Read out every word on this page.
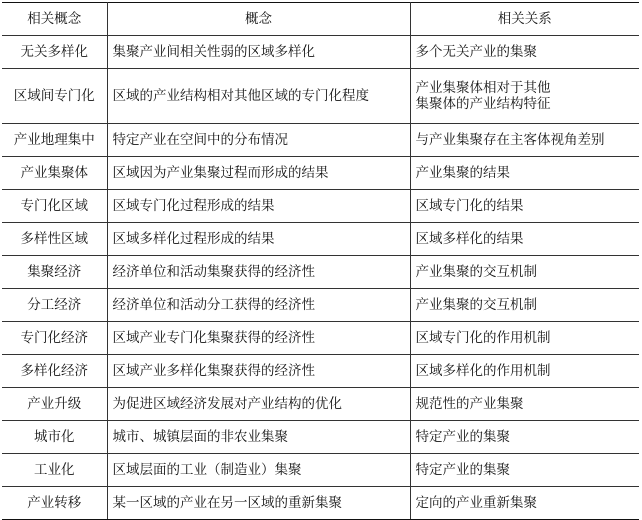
相关概念	概念	相关关系
无关多样化	集聚产业间相关性弱的区域多样化	多个无关产业的集聚
区域间专门化	区域的产业结构相对其他区域的专门化程度	产业集聚体相对于其他
集聚体的产业结构特征
产业地理集中	特定产业在空间中的分布情况	与产业集聚存在主客体视角差别
产业集聚体	区域因为产业集聚过程而形成的结果	产业集聚的结果
专门化区域	区域专门化过程形成的结果	区域专门化的结果
多样性区域	区域多样化过程形成的结果	区域多样化的结果
集聚经济	经济单位和活动集聚获得的经济性	产业集聚的交互机制
分工经济	经济单位和活动分工获得的经济性	产业集聚的交互机制
专门化经济	区域产业专门化集聚获得的经济性	区域专门化的作用机制
多样化经济	区域产业多样化集聚获得的经济性	区域多样化的作用机制
产业升级	为促进区域经济发展对产业结构的优化	规范性的产业集聚
城市化	城市、城镇层面的非农业集聚	特定产业的集聚
工业化	区域层面的工业（制造业）集聚	特定产业的集聚
产业转移	某一区域的产业在另一区域的重新集聚	定向的产业重新集聚
